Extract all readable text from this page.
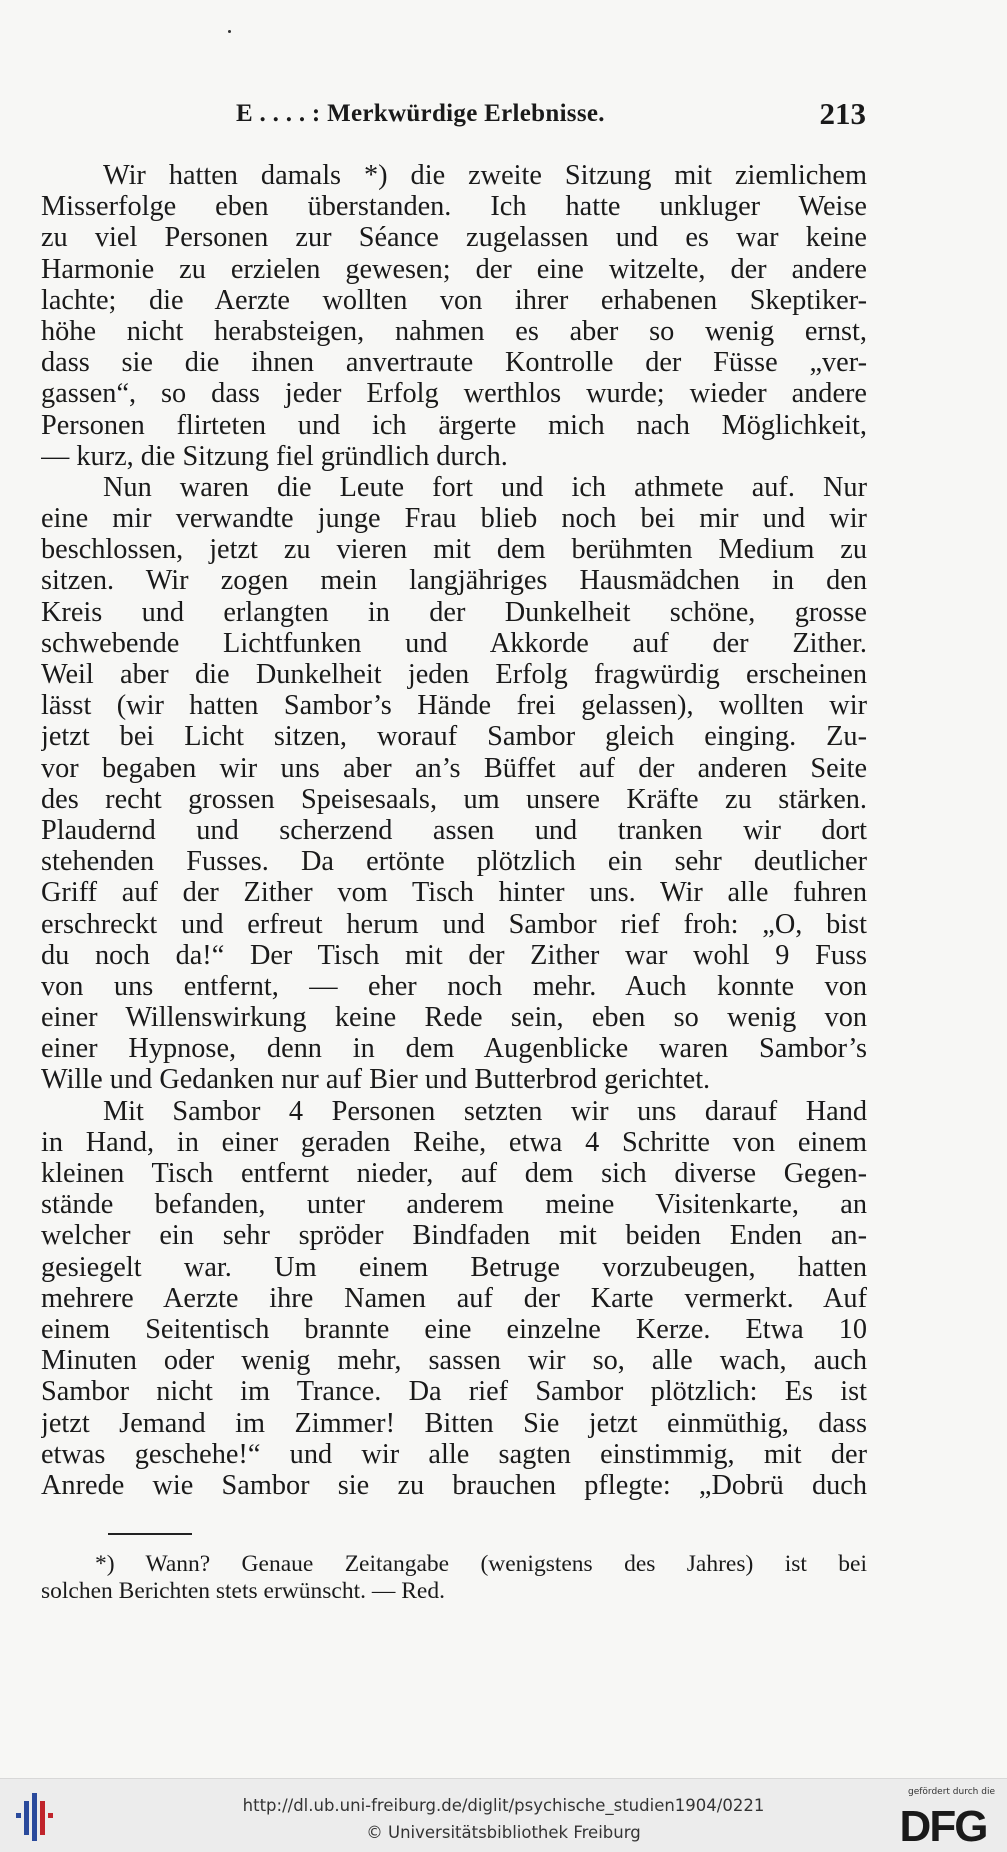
E . . . . : Merkwürdige Erlebnisse.	213
Wir hatten damals *) die zweite Sitzung mit ziemlichem
Misserfolge eben überstanden. Ich hatte unkluger Weise
zu viel Personen zur Séance zugelassen und es war keine
Harmonie zu erzielen gewesen; der eine witzelte, der andere
lachte; die Aerzte wollten von ihrer erhabenen Skeptiker-
höhe nicht herabsteigen, nahmen es aber so wenig ernst,
dass sie die ihnen anvertraute Kontrolle der Füsse „ver-
gassen“, so dass jeder Erfolg werthlos wurde; wieder andere
Personen flirteten und ich ärgerte mich nach Möglichkeit,
— kurz, die Sitzung fiel gründlich durch.
Nun waren die Leute fort und ich athmete auf. Nur
eine mir verwandte junge Frau blieb noch bei mir und wir
beschlossen, jetzt zu vieren mit dem berühmten Medium zu
sitzen. Wir zogen mein langjähriges Hausmädchen in den
Kreis und erlangten in der Dunkelheit schöne, grosse
schwebende Lichtfunken und Akkorde auf der Zither.
Weil aber die Dunkelheit jeden Erfolg fragwürdig erscheinen
lässt (wir hatten Sambor’s Hände frei gelassen), wollten wir
jetzt bei Licht sitzen, worauf Sambor gleich einging. Zu-
vor begaben wir uns aber an’s Büffet auf der anderen Seite
des recht grossen Speisesaals, um unsere Kräfte zu stärken.
Plaudernd und scherzend assen und tranken wir dort
stehenden Fusses. Da ertönte plötzlich ein sehr deutlicher
Griff auf der Zither vom Tisch hinter uns. Wir alle fuhren
erschreckt und erfreut herum und Sambor rief froh: „O, bist
du noch da!“ Der Tisch mit der Zither war wohl 9 Fuss
von uns entfernt, — eher noch mehr. Auch konnte von
einer Willenswirkung keine Rede sein, eben so wenig von
einer Hypnose, denn in dem Augenblicke waren Sambor’s
Wille und Gedanken nur auf Bier und Butterbrod gerichtet.
Mit Sambor 4 Personen setzten wir uns darauf Hand
in Hand, in einer geraden Reihe, etwa 4 Schritte von einem
kleinen Tisch entfernt nieder, auf dem sich diverse Gegen-
stände befanden, unter anderem meine Visitenkarte, an
welcher ein sehr spröder Bindfaden mit beiden Enden an-
gesiegelt war. Um einem Betruge vorzubeugen, hatten
mehrere Aerzte ihre Namen auf der Karte vermerkt. Auf
einem Seitentisch brannte eine einzelne Kerze. Etwa 10
Minuten oder wenig mehr, sassen wir so, alle wach, auch
Sambor nicht im Trance. Da rief Sambor plötzlich: Es ist
jetzt Jemand im Zimmer! Bitten Sie jetzt einmüthig, dass
etwas geschehe!“ und wir alle sagten einstimmig, mit der
Anrede wie Sambor sie zu brauchen pflegte: „Dobrü duch
*) Wann? Genaue Zeitangabe (wenigstens des Jahres) ist bei
solchen Berichten stets erwünscht. — Red.
http://dl.ub.uni-freiburg.de/diglit/psychische_studien1904/0221
© Universitätsbibliothek Freiburg
gefördert durch die
DFG
